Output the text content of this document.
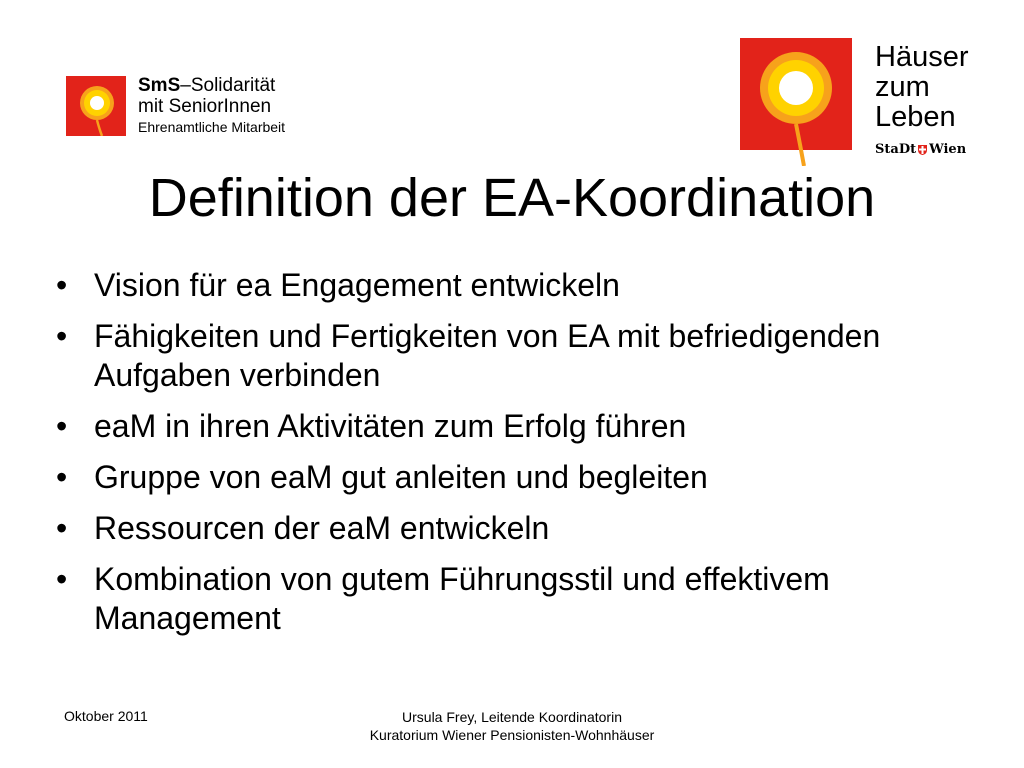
SmS–Solidarität
mit SeniorInnen
Ehrenamtliche Mitarbeit
Häuser
zum
Leben
StaDt Wien
Definition der EA-Koordination
• Vision für ea Engagement entwickeln
• Fähigkeiten und Fertigkeiten von EA mit befriedigenden Aufgaben verbinden
• eaM in ihren Aktivitäten zum Erfolg führen
• Gruppe von eaM gut anleiten und begleiten
• Ressourcen der eaM entwickeln
• Kombination von gutem Führungsstil und effektivem Management
Oktober 2011	Ursula Frey, Leitende Koordinatorin
Kuratorium Wiener Pensionisten-Wohnhäuser
